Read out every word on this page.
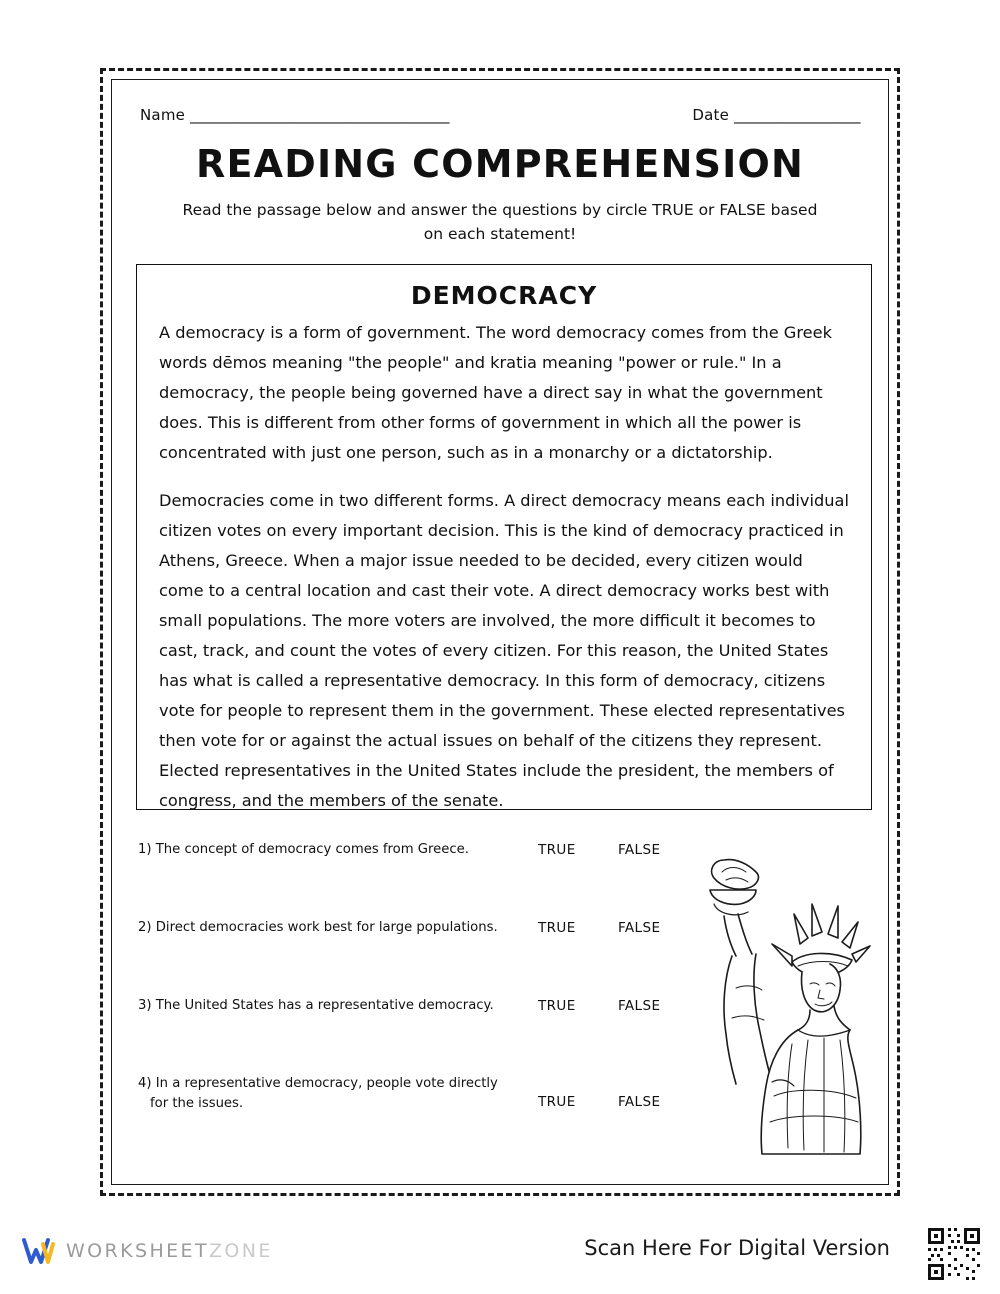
Name _____________________________________	Date __________________
READING COMPREHENSION
Read the passage below and answer the questions by circle TRUE or FALSE based on each statement!
DEMOCRACY

A democracy is a form of government. The word democracy comes from the Greek words dēmos meaning "the people" and kratia meaning "power or rule." In a democracy, the people being governed have a direct say in what the government does. This is different from other forms of government in which all the power is concentrated with just one person, such as in a monarchy or a dictatorship.

Democracies come in two different forms. A direct democracy means each individual citizen votes on every important decision. This is the kind of democracy practiced in Athens, Greece. When a major issue needed to be decided, every citizen would come to a central location and cast their vote. A direct democracy works best with small populations. The more voters are involved, the more difficult it becomes to cast, track, and count the votes of every citizen. For this reason, the United States has what is called a representative democracy. In this form of democracy, citizens vote for people to represent them in the government. These elected representatives then vote for or against the actual issues on behalf of the citizens they represent. Elected representatives in the United States include the president, the members of congress, and the members of the senate.

1) The concept of democracy comes from Greece.	TRUE	FALSE
2) Direct democracies work best for large populations.	TRUE	FALSE
3) The United States has a representative democracy.	TRUE	FALSE
4) In a representative democracy, people vote directly
for the issues.	TRUE	FALSE
WORKSHEETZONE	Scan Here For Digital Version
